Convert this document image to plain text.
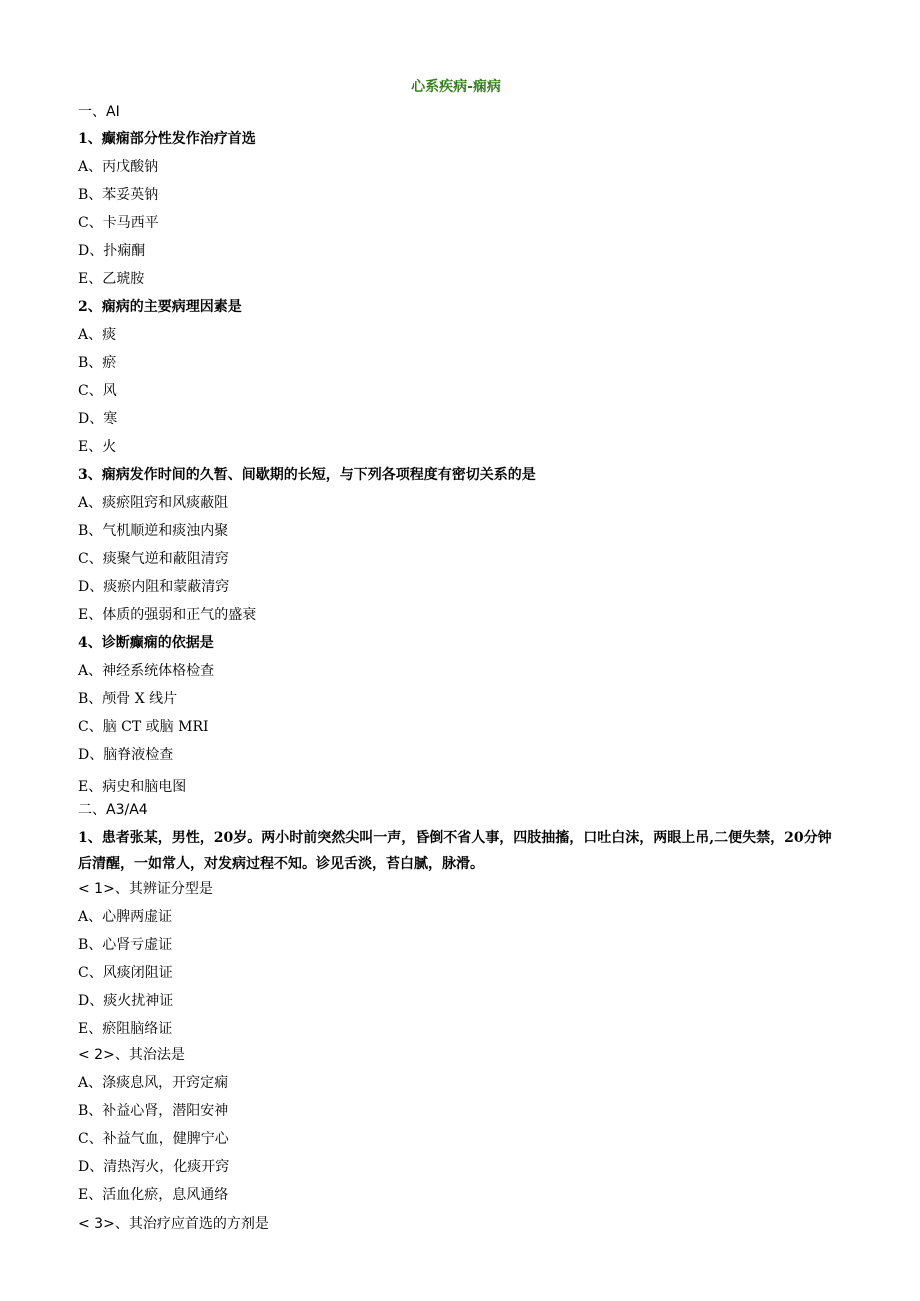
心系疾病-痫病
一、AI
1、癫痫部分性发作治疗首选
A、丙戊酸钠
B、苯妥英钠
C、卡马西平
D、扑痫酮
E、乙琥胺
2、痫病的主要病理因素是
A、痰
B、瘀
C、风
D、寒
E、火
3、痫病发作时间的久暂、间歇期的长短，与下列各项程度有密切关系的是
A、痰瘀阻窍和风痰蔽阻
B、气机顺逆和痰浊内聚
C、痰聚气逆和蔽阻清窍
D、痰瘀内阻和蒙蔽清窍
E、体质的强弱和正气的盛衰
4、诊断癫痫的依据是
A、神经系统体格检查
B、颅骨 X 线片
C、脑 CT 或脑 MRI
D、脑脊液检查
E、病史和脑电图
二、A3/A4
1、患者张某，男性，20岁。两小时前突然尖叫一声，昏倒不省人事，四肢抽搐，口吐白沫，两眼上吊,二便失禁，20分钟后清醒，一如常人，对发病过程不知。诊见舌淡，苔白腻，脉滑。
< 1>、其辨证分型是
A、心脾两虚证
B、心肾亏虚证
C、风痰闭阻证
D、痰火扰神证
E、瘀阻脑络证
< 2>、其治法是
A、涤痰息风，开窍定痫
B、补益心肾，潜阳安神
C、补益气血，健脾宁心
D、清热泻火，化痰开窍
E、活血化瘀，息风通络
< 3>、其治疗应首选的方剂是
